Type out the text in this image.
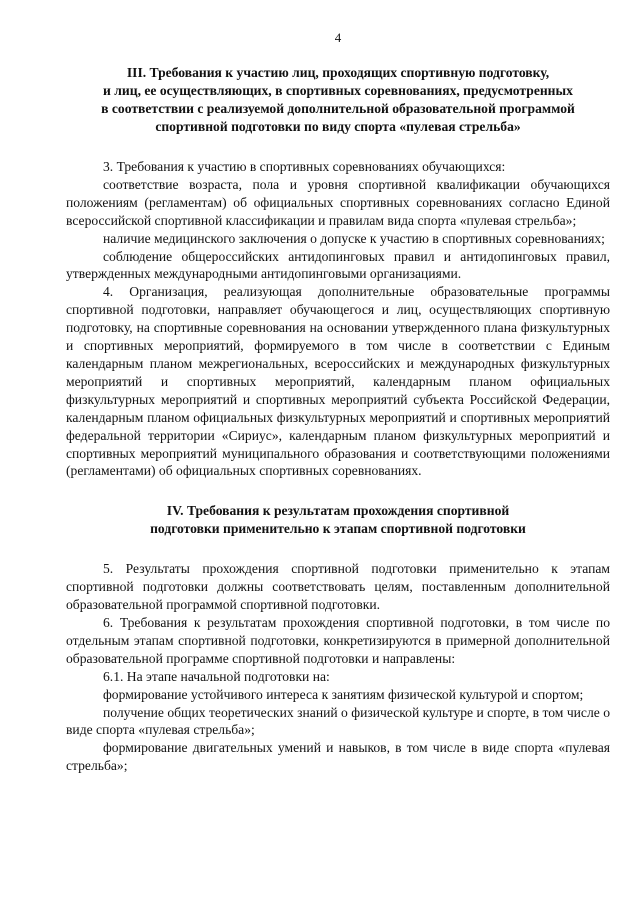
4
III. Требования к участию лиц, проходящих спортивную подготовку,
и лиц, ее осуществляющих, в спортивных соревнованиях, предусмотренных
в соответствии с реализуемой дополнительной образовательной программой
спортивной подготовки по виду спорта «пулевая стрельба»

3. Требования к участию в спортивных соревнованиях обучающихся:

соответствие возраста, пола и уровня спортивной квалификации обучающихся положениям (регламентам) об официальных спортивных соревнованиях согласно Единой всероссийской спортивной классификации и правилам вида спорта «пулевая стрельба»;

наличие медицинского заключения о допуске к участию в спортивных соревнованиях;

соблюдение общероссийских антидопинговых правил и антидопинговых правил, утвержденных международными антидопинговыми организациями.

4. Организация, реализующая дополнительные образовательные программы спортивной подготовки, направляет обучающегося и лиц, осуществляющих спортивную подготовку, на спортивные соревнования на основании утвержденного плана физкультурных и спортивных мероприятий, формируемого в том числе в соответствии с Единым календарным планом межрегиональных, всероссийских и международных физкультурных мероприятий и спортивных мероприятий, календарным планом официальных физкультурных мероприятий и спортивных мероприятий субъекта Российской Федерации, календарным планом официальных физкультурных мероприятий и спортивных мероприятий федеральной территории «Сириус», календарным планом физкультурных мероприятий и спортивных мероприятий муниципального образования и соответствующими положениями (регламентами) об официальных спортивных соревнованиях.

IV. Требования к результатам прохождения спортивной
подготовки применительно к этапам спортивной подготовки

5. Результаты прохождения спортивной подготовки применительно к этапам спортивной подготовки должны соответствовать целям, поставленным дополнительной образовательной программой спортивной подготовки.

6. Требования к результатам прохождения спортивной подготовки, в том числе по отдельным этапам спортивной подготовки, конкретизируются в примерной дополнительной образовательной программе спортивной подготовки и направлены:

6.1. На этапе начальной подготовки на:

формирование устойчивого интереса к занятиям физической культурой и спортом;

получение общих теоретических знаний о физической культуре и спорте, в том числе о виде спорта «пулевая стрельба»;

формирование двигательных умений и навыков, в том числе в виде спорта «пулевая стрельба»;
